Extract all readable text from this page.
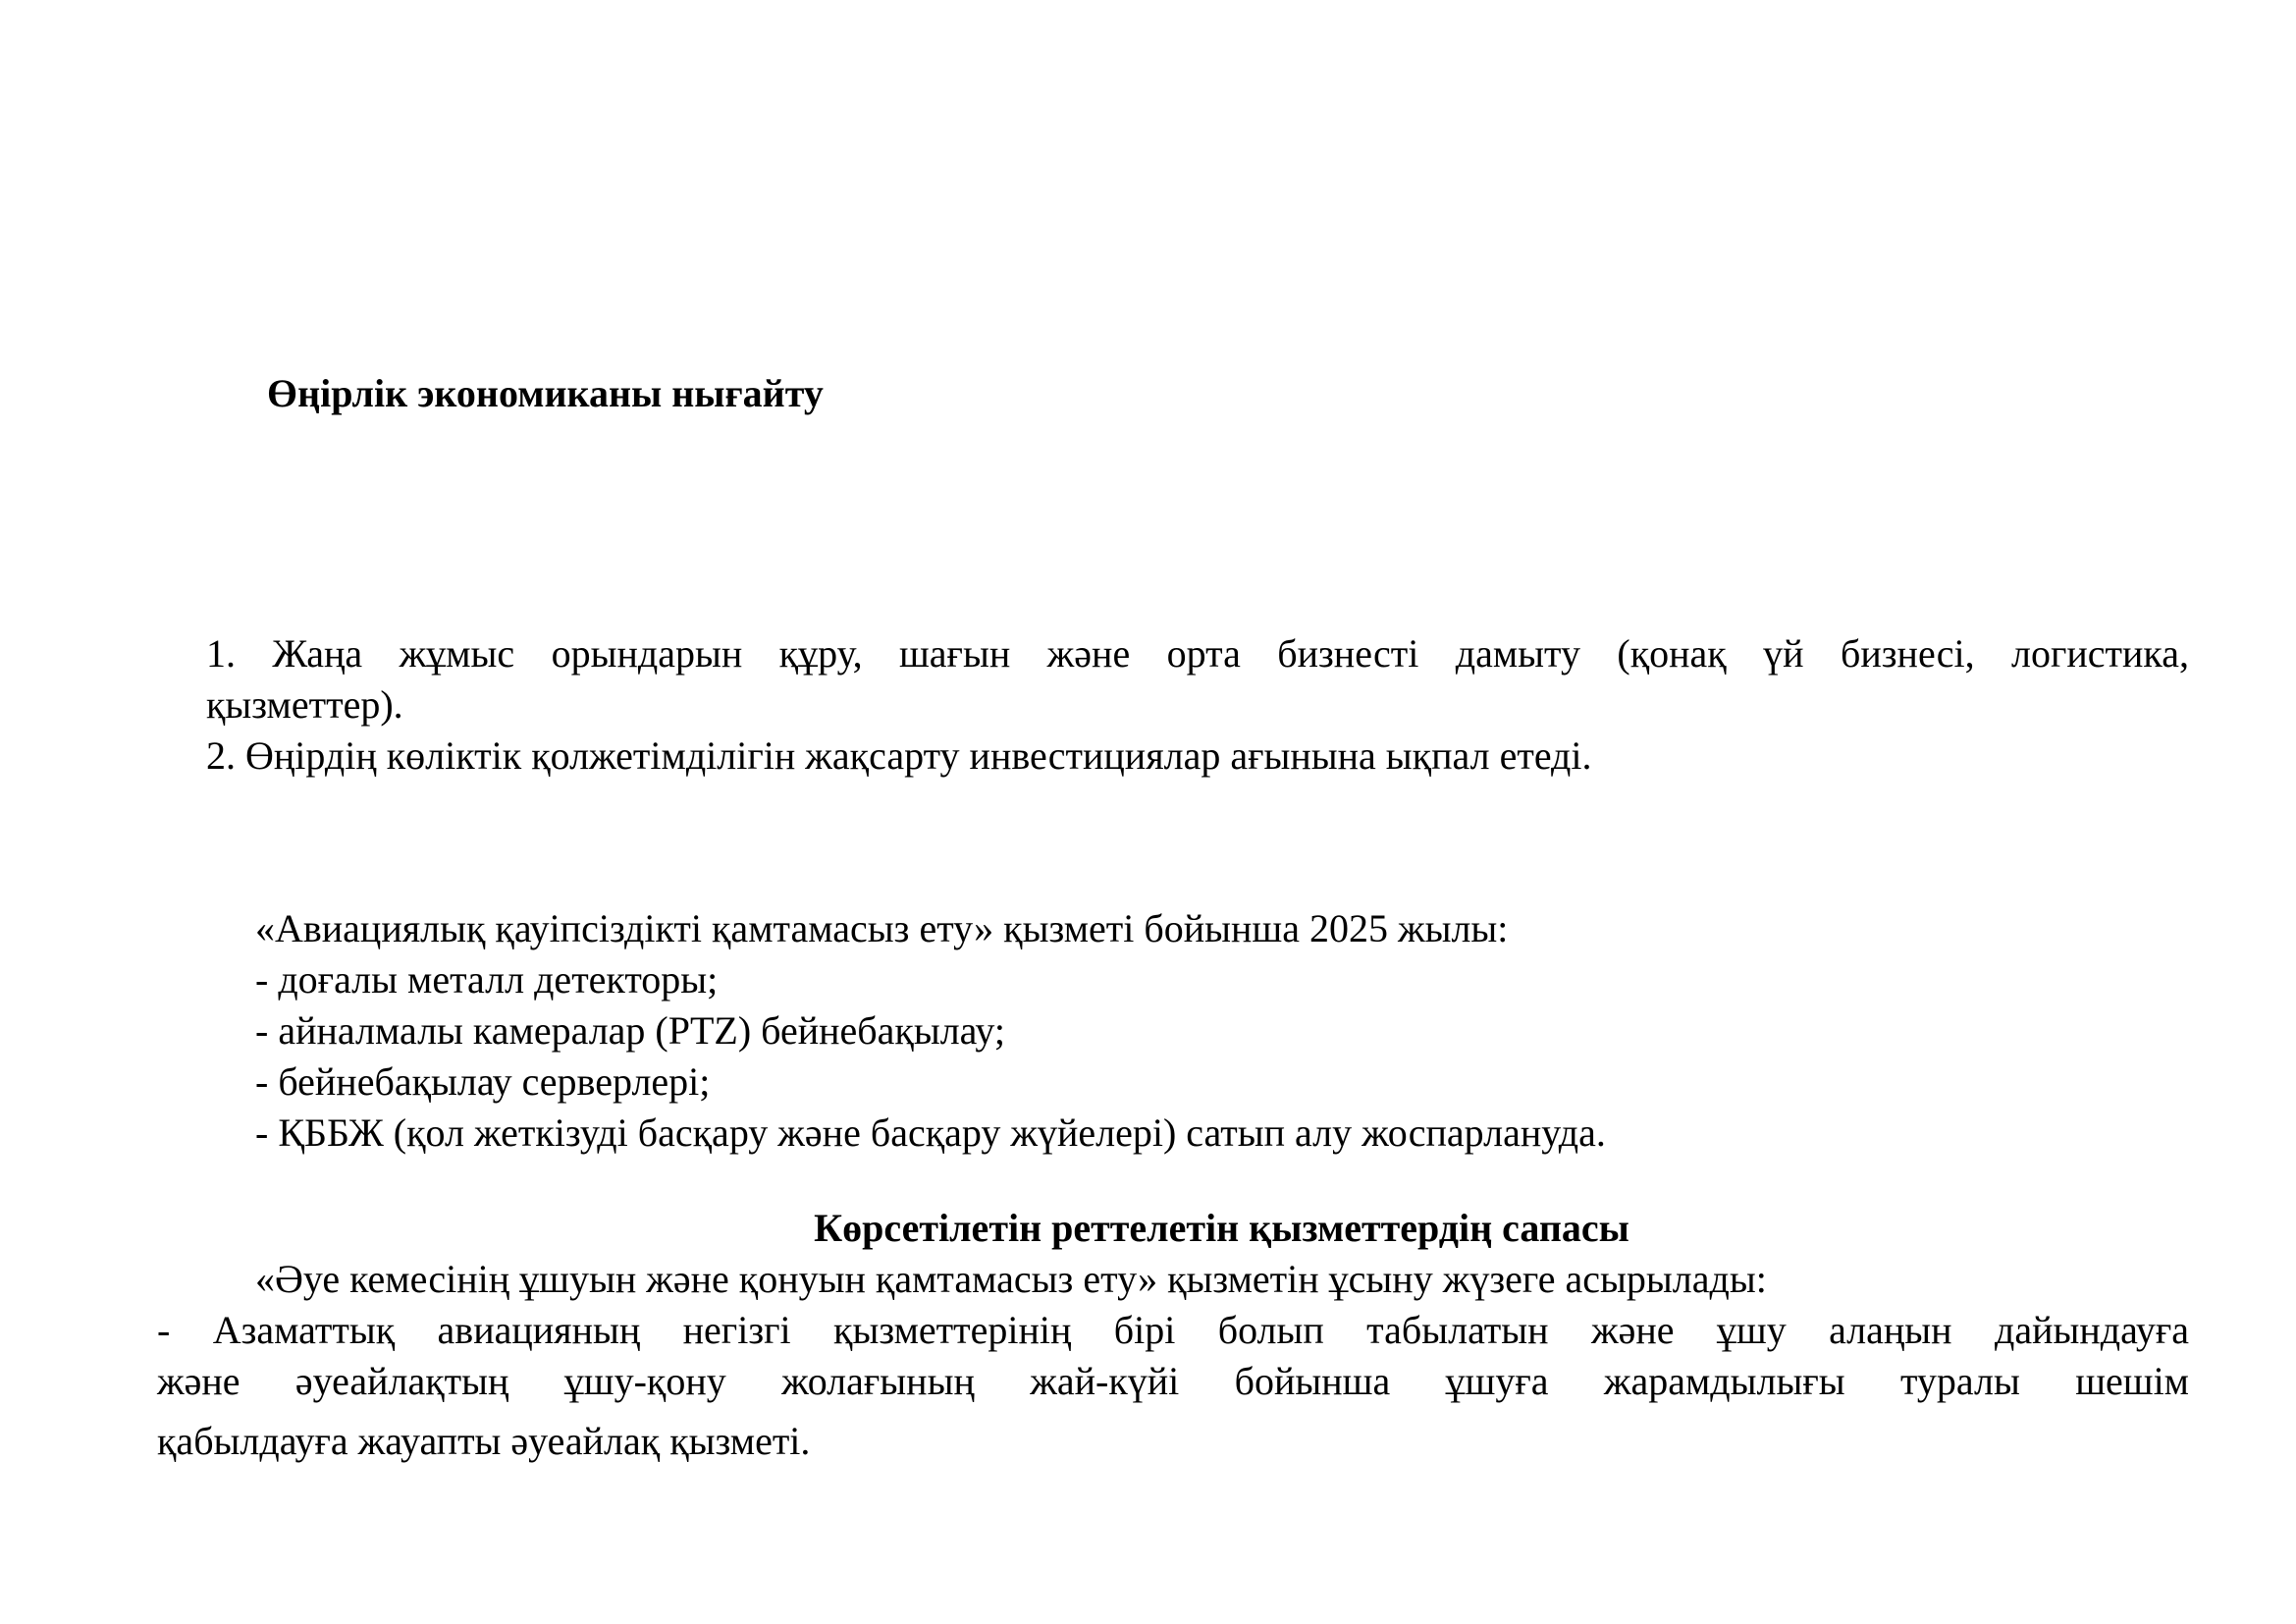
Өңірлік экономиканы нығайту
1. Жаңа жұмыс орындарын құру, шағын және орта бизнесті дамыту (қонақ үй бизнесі, логистика,
қызметтер).
2. Өңірдің көліктік қолжетімділігін жақсарту инвестициялар ағынына ықпал етеді.
«Авиациялық қауіпсіздікті қамтамасыз ету» қызметі бойынша 2025 жылы:
- доғалы металл детекторы;
- айналмалы камералар (PTZ) бейнебақылау;
- бейнебақылау серверлері;
- ҚББЖ (қол жеткізуді басқару және басқару жүйелері) сатып алу жоспарлануда.
Көрсетілетін реттелетін қызметтердің сапасы
«Әуе кемесінің ұшуын және қонуын қамтамасыз ету» қызметін ұсыну жүзеге асырылады:
- Азаматтық авиацияның негізгі қызметтерінің бірі болып табылатын және ұшу алаңын дайындауға
және әуеайлақтың ұшу-қону жолағының жай-күйі бойынша ұшуға жарамдылығы туралы шешім
қабылдауға жауапты әуеайлақ қызметі.
